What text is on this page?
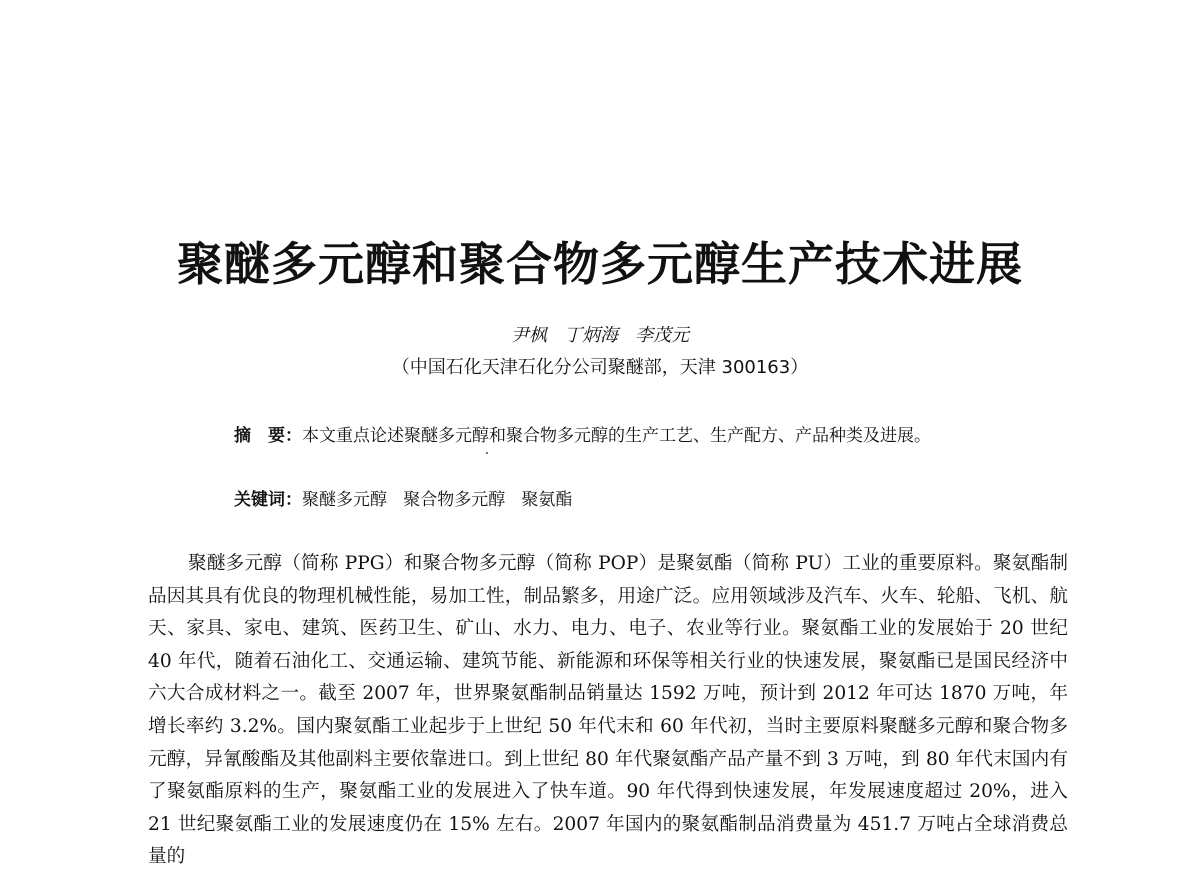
聚醚多元醇和聚合物多元醇生产技术进展
尹枫   丁炳海   李茂元
（中国石化天津石化分公司聚醚部，天津 300163）
摘　要：本文重点论述聚醚多元醇和聚合物多元醇的生产工艺、生产配方、产品种类及进展。
关键词：聚醚多元醇   聚合物多元醇   聚氨酯

聚醚多元醇（简称 PPG）和聚合物多元醇（简称 POP）是聚氨酯（简称 PU）工业的重要原料。聚氨酯制品因其具有优良的物理机械性能，易加工性，制品繁多，用途广泛。应用领域涉及汽车、火车、轮船、飞机、航天、家具、家电、建筑、医药卫生、矿山、水力、电力、电子、农业等行业。聚氨酯工业的发展始于 20 世纪 40 年代，随着石油化工、交通运输、建筑节能、新能源和环保等相关行业的快速发展，聚氨酯已是国民经济中六大合成材料之一。截至 2007 年，世界聚氨酯制品销量达 1592 万吨，预计到 2012 年可达 1870 万吨，年增长率约 3.2%。国内聚氨酯工业起步于上世纪 50 年代末和 60 年代初，当时主要原料聚醚多元醇和聚合物多元醇，异氰酸酯及其他副料主要依靠进口。到上世纪 80 年代聚氨酯产品产量不到 3 万吨，到 80 年代末国内有了聚氨酯原料的生产，聚氨酯工业的发展进入了快车道。90 年代得到快速发展，年发展速度超过 20%，进入 21 世纪聚氨酯工业的发展速度仍在 15% 左右。2007 年国内的聚氨酯制品消费量为 451.7 万吨占全球消费总量的
